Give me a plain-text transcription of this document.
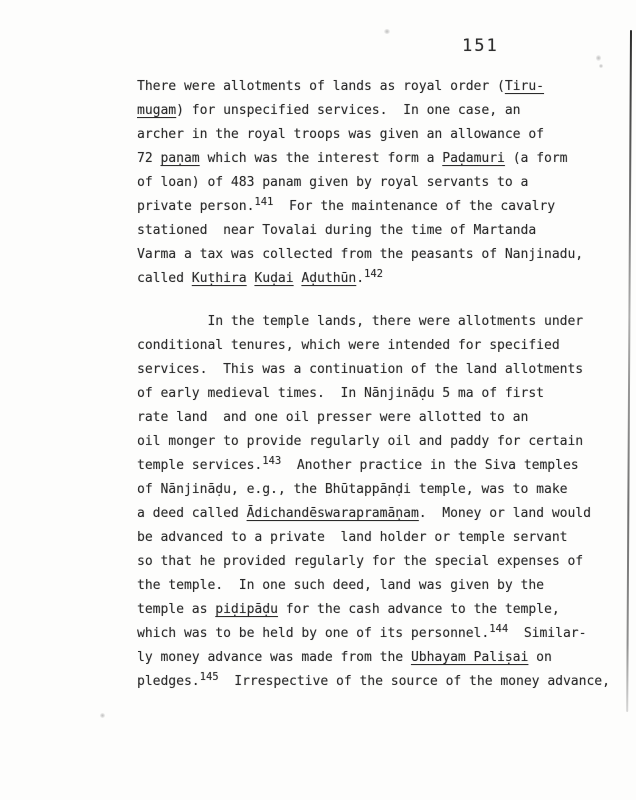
151
There were allotments of lands as royal order (Tiru-
mugam) for unspecified services.  In one case, an
archer in the royal troops was given an allowance of
72 paṇam which was the interest form a Paḍamuri (a form
of loan) of 483 panam given by royal servants to a
private person.$^{141}$  For the maintenance of the cavalry
stationed  near Tovalai during the time of Martanda
Varma a tax was collected from the peasants of Nanjinadu,
called Kuṭhira Kuḍai Aḍuthūn.$^{142}$
In the temple lands, there were allotments under
conditional tenures, which were intended for specified
services.  This was a continuation of the land allotments
of early medieval times.  In Nānjināḍu 5 ma of first
rate land  and one oil presser were allotted to an
oil monger to provide regularly oil and paddy for certain
temple services.$^{143}$  Another practice in the Siva temples
of Nānjināḍu, e.g., the Bhūtappānḍi temple, was to make
a deed called Ādichandēswarapramāṇam.  Money or land would
be advanced to a private  land holder or temple servant
so that he provided regularly for the special expenses of
the temple.  In one such deed, land was given by the
temple as piḍipāḍu for the cash advance to the temple,
which was to be held by one of its personnel.$^{144}$  Similar-
ly money advance was made from the Ubhayam Paliṣai on
pledges.$^{145}$  Irrespective of the source of the money advance,
